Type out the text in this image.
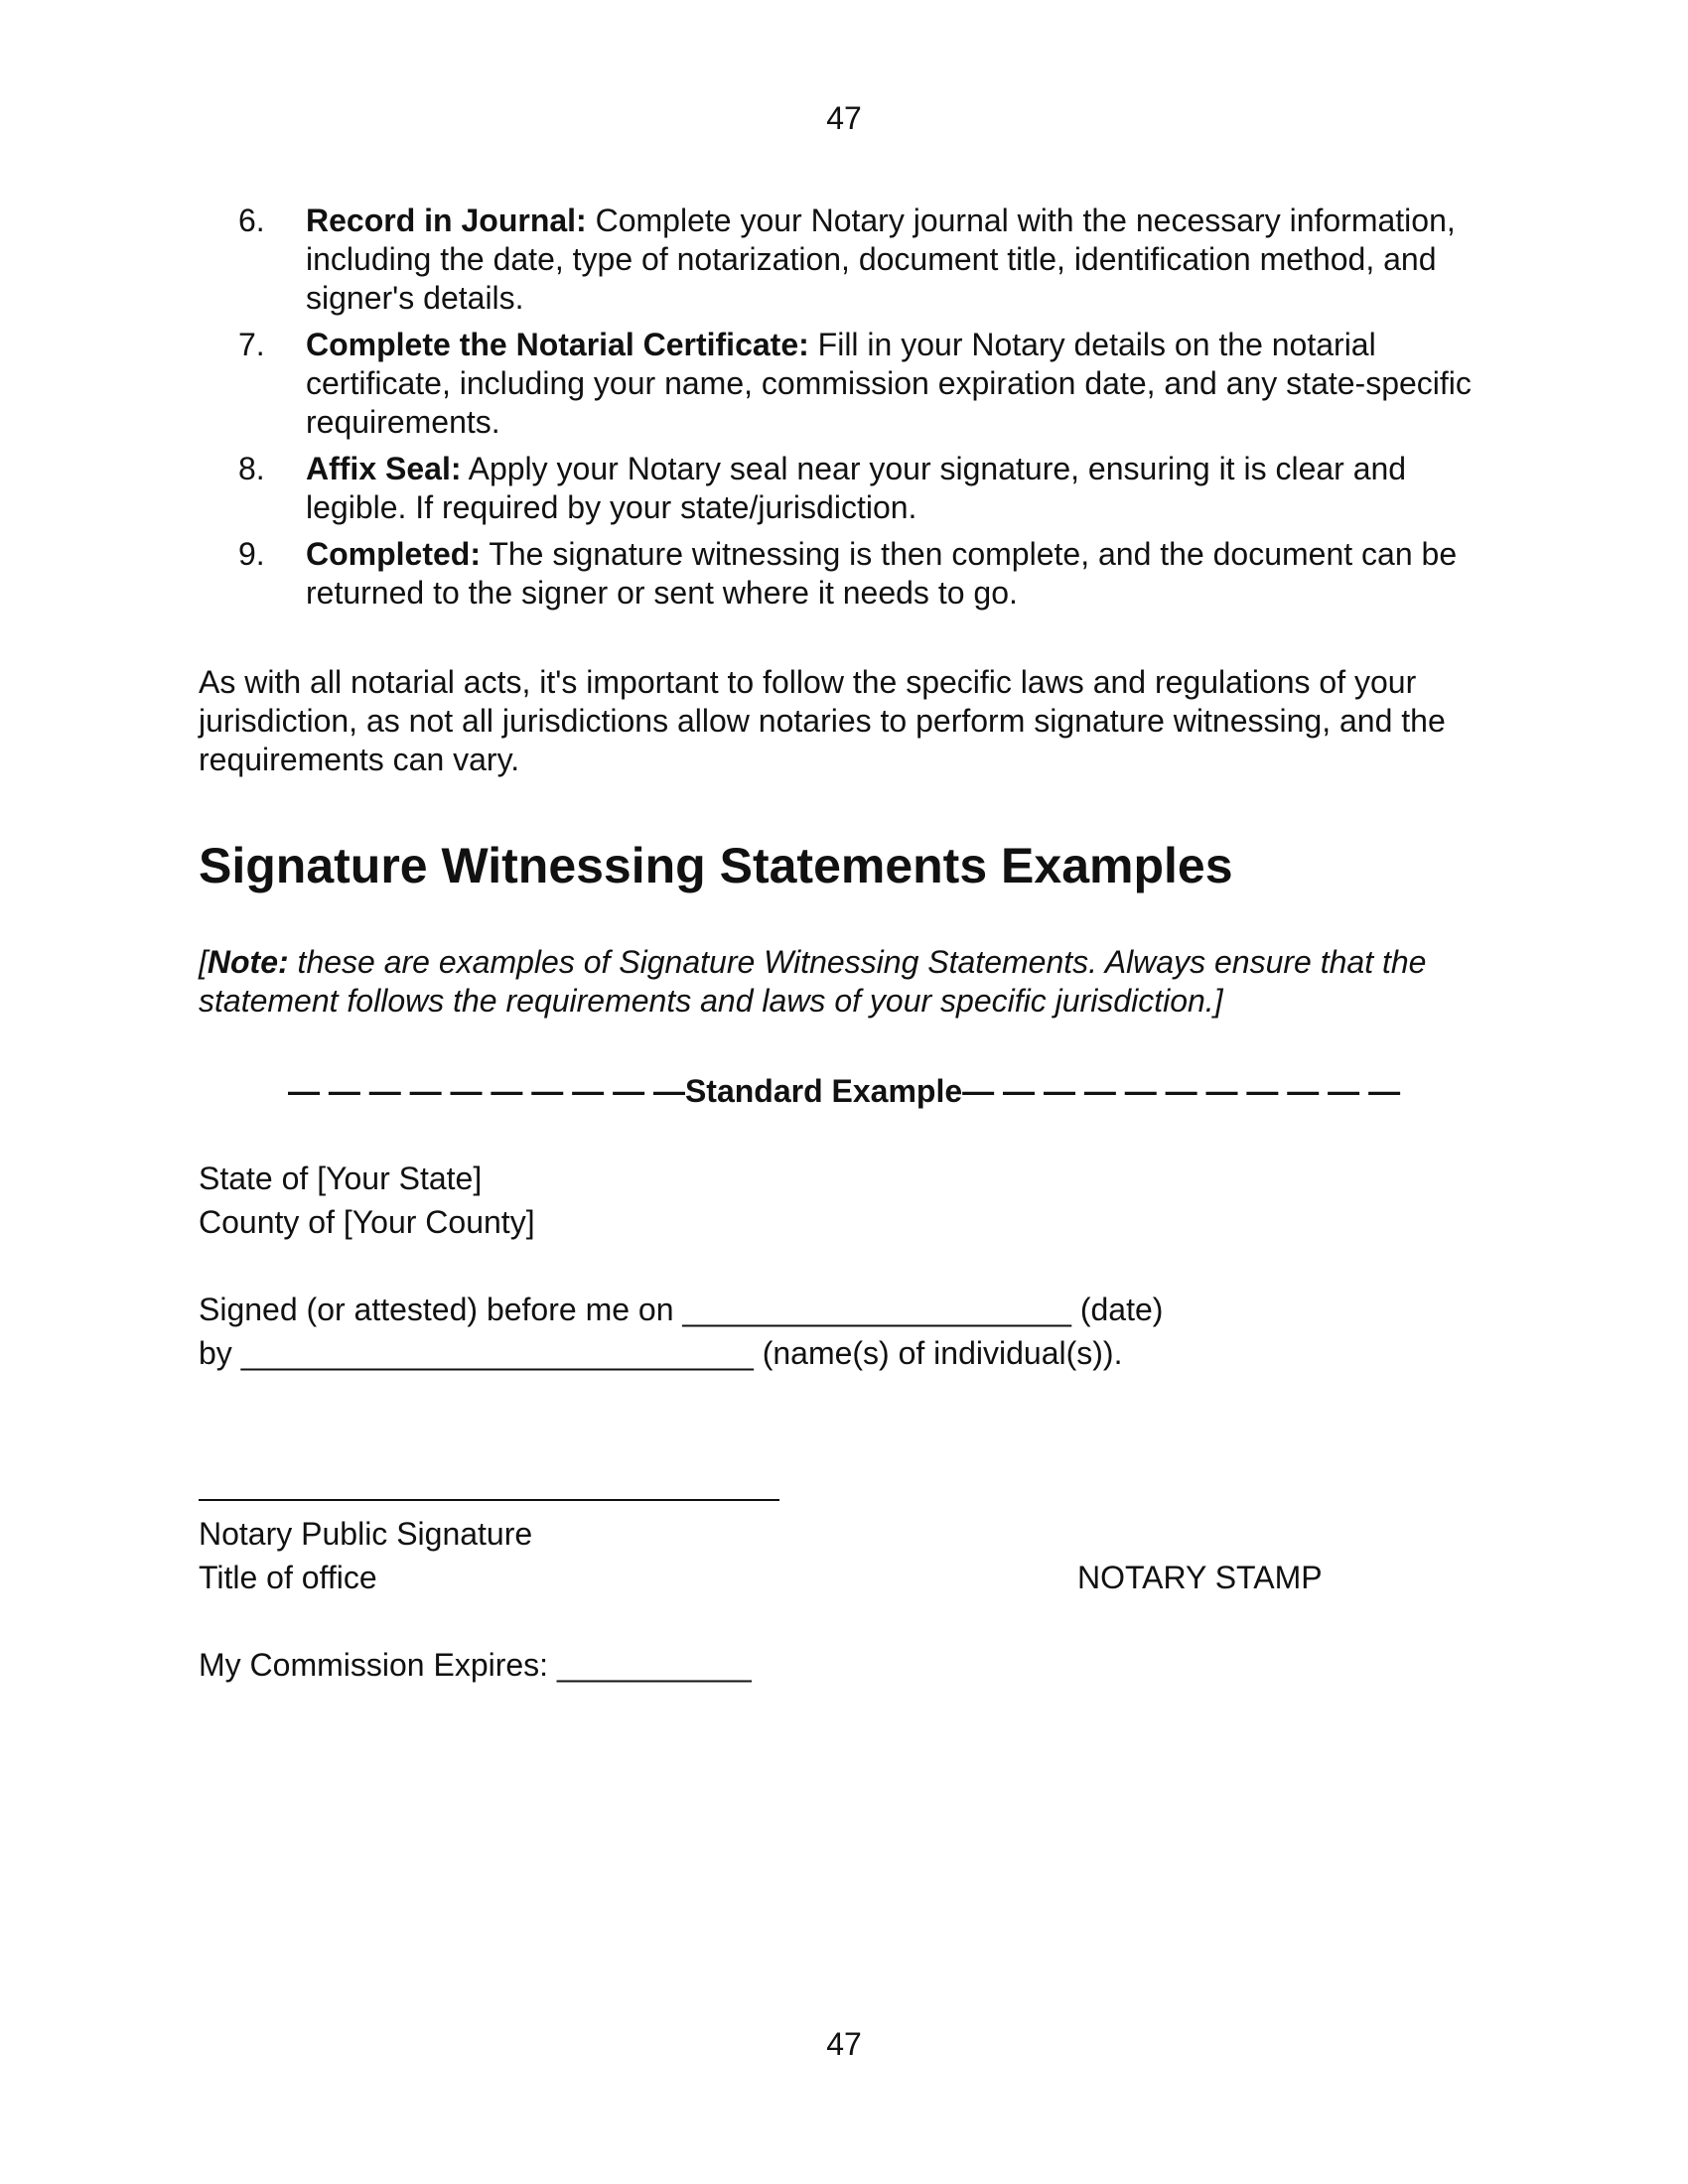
47
6.	Record in Journal: Complete your Notary journal with the necessary information, including the date, type of notarization, document title, identification method, and signer's details.
7.	Complete the Notarial Certificate: Fill in your Notary details on the notarial certificate, including your name, commission expiration date, and any state-specific requirements.
8.	Affix Seal: Apply your Notary seal near your signature, ensuring it is clear and legible. If required by your state/jurisdiction.
9.	Completed: The signature witnessing is then complete, and the document can be returned to the signer or sent where it needs to go.
As with all notarial acts, it's important to follow the specific laws and regulations of your jurisdiction, as not all jurisdictions allow notaries to perform signature witnessing, and the requirements can vary.
Signature Witnessing Statements Examples
[Note: these are examples of Signature Witnessing Statements. Always ensure that the statement follows the requirements and laws of your specific jurisdiction.]
— — — — — — — — — —Standard Example— — — — — — — — — — —
State of [Your State]
County of [Your County]
Signed (or attested) before me on ______________________ (date)
by _____________________________ (name(s) of individual(s)).
Notary Public Signature
Title of office	NOTARY STAMP
My Commission Expires: ___________
47
